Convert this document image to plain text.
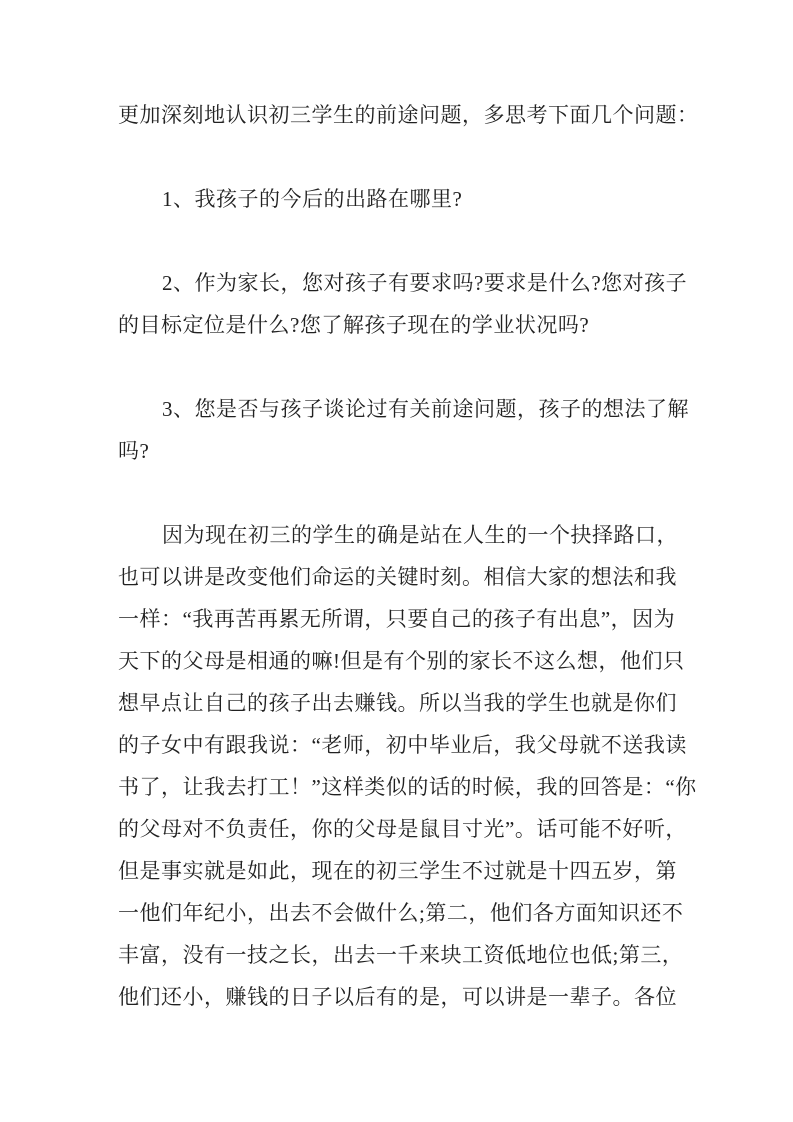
更加深刻地认识初三学生的前途问题，多思考下面几个问题：
1、我孩子的今后的出路在哪里?
2、作为家长，您对孩子有要求吗?要求是什么?您对孩子
的目标定位是什么?您了解孩子现在的学业状况吗?
3、您是否与孩子谈论过有关前途问题，孩子的想法了解
吗?
因为现在初三的学生的确是站在人生的一个抉择路口，
也可以讲是改变他们命运的关键时刻。相信大家的想法和我
一样：“我再苦再累无所谓，只要自己的孩子有出息”，因为
天下的父母是相通的嘛!但是有个别的家长不这么想，他们只
想早点让自己的孩子出去赚钱。所以当我的学生也就是你们
的子女中有跟我说：“老师，初中毕业后，我父母就不送我读
书了，让我去打工！”这样类似的话的时候，我的回答是：“你
的父母对不负责任，你的父母是鼠目寸光”。话可能不好听，
但是事实就是如此，现在的初三学生不过就是十四五岁，第
一他们年纪小，出去不会做什么;第二，他们各方面知识还不
丰富，没有一技之长，出去一千来块工资低地位也低;第三，
他们还小，赚钱的日子以后有的是，可以讲是一辈子。各位
